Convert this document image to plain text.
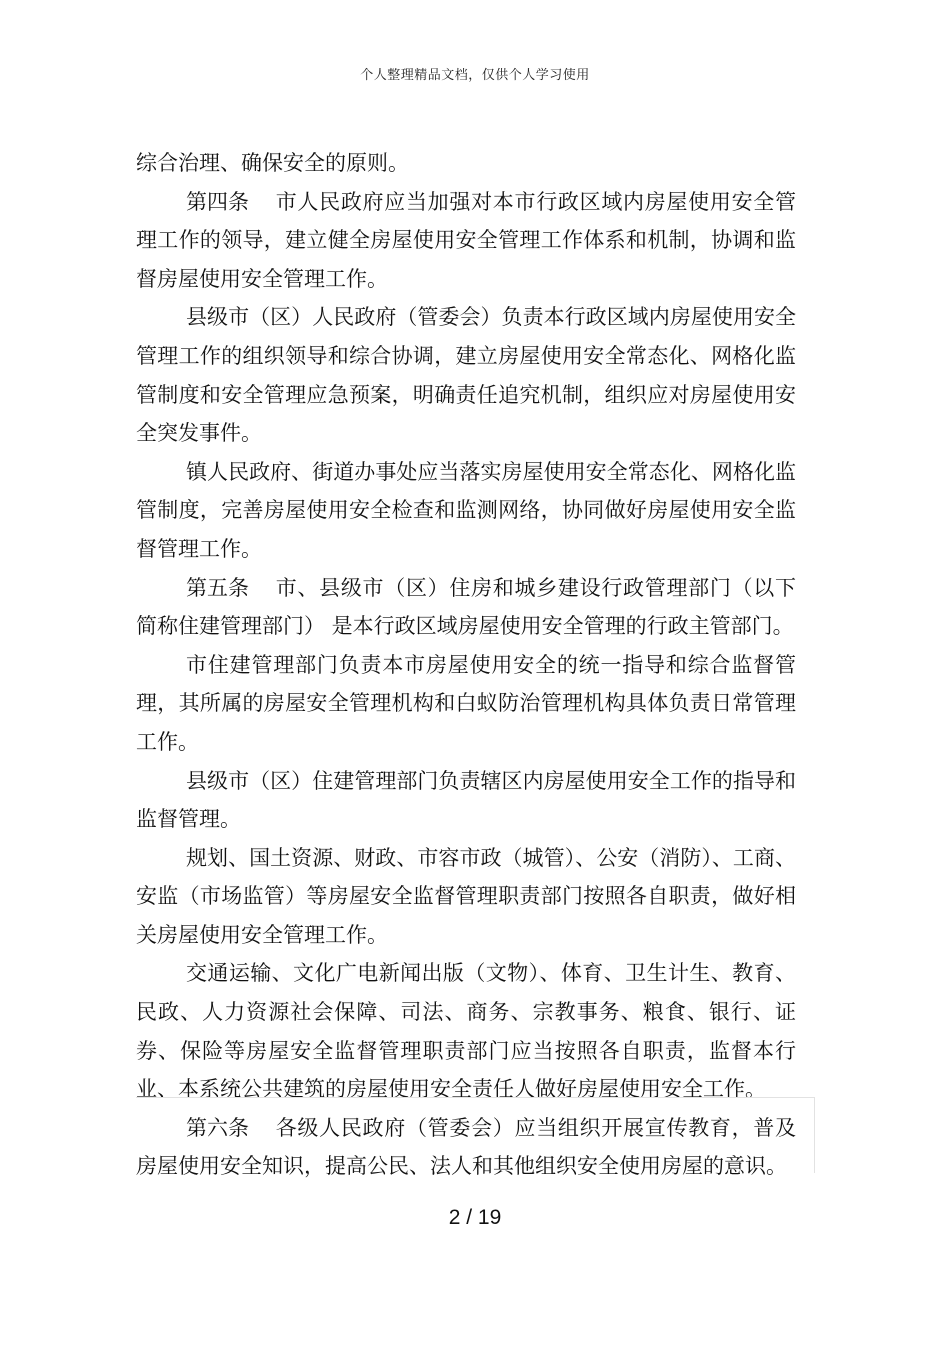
个人整理精品文档，仅供个人学习使用

综合治理、确保安全的原则。

第四条 市人民政府应当加强对本市行政区域内房屋使用安全管理工作的领导，建立健全房屋使用安全管理工作体系和机制，协调和监督房屋使用安全管理工作。

县级市（区）人民政府（管委会）负责本行政区域内房屋使用安全管理工作的组织领导和综合协调，建立房屋使用安全常态化、网格化监管制度和安全管理应急预案，明确责任追究机制，组织应对房屋使用安全突发事件。

镇人民政府、街道办事处应当落实房屋使用安全常态化、网格化监管制度，完善房屋使用安全检查和监测网络，协同做好房屋使用安全监督管理工作。

第五条 市、县级市（区）住房和城乡建设行政管理部门（以下简称住建管理部门） 是本行政区域房屋使用安全管理的行政主管部门。

市住建管理部门负责本市房屋使用安全的统一指导和综合监督管理，其所属的房屋安全管理机构和白蚁防治管理机构具体负责日常管理工作。

县级市（区）住建管理部门负责辖区内房屋使用安全工作的指导和监督管理。

规划、国土资源、财政、市容市政（城管）、公安（消防）、工商、安监（市场监管）等房屋安全监督管理职责部门按照各自职责，做好相关房屋使用安全管理工作。

交通运输、文化广电新闻出版（文物）、体育、卫生计生、教育、民政、人力资源社会保障、司法、商务、宗教事务、粮食、银行、证券、保险等房屋安全监督管理职责部门应当按照各自职责，监督本行业、本系统公共建筑的房屋使用安全责任人做好房屋使用安全工作。

第六条 各级人民政府（管委会）应当组织开展宣传教育，普及房屋使用安全知识，提高公民、法人和其他组织安全使用房屋的意识。

2 / 19
